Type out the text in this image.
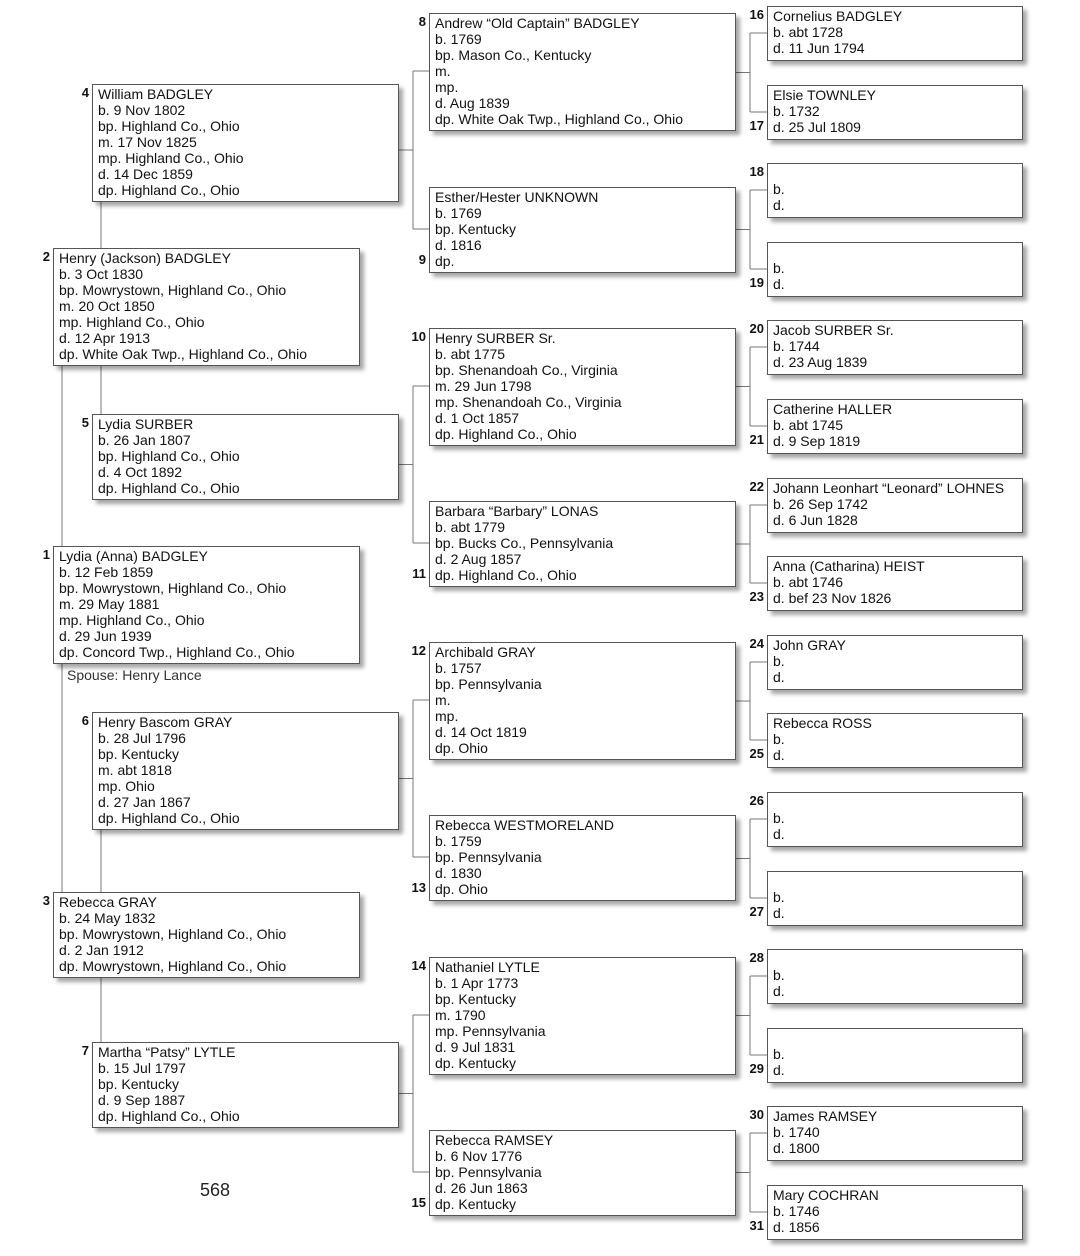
Lydia (Anna) BADGLEY
b. 12 Feb 1859
bp. Mowrystown, Highland Co., Ohio
m. 29 May 1881
mp. Highland Co., Ohio
d. 29 Jun 1939
dp. Concord Twp., Highland Co., Ohio
1
Henry (Jackson) BADGLEY
b. 3 Oct 1830
bp. Mowrystown, Highland Co., Ohio
m. 20 Oct 1850
mp. Highland Co., Ohio
d. 12 Apr 1913
dp. White Oak Twp., Highland Co., Ohio
2
Rebecca GRAY
b. 24 May 1832
bp. Mowrystown, Highland Co., Ohio
d. 2 Jan 1912
dp. Mowrystown, Highland Co., Ohio
3
William BADGLEY
b. 9 Nov 1802
bp. Highland Co., Ohio
m. 17 Nov 1825
mp. Highland Co., Ohio
d. 14 Dec 1859
dp. Highland Co., Ohio
4
Lydia SURBER
b. 26 Jan 1807
bp. Highland Co., Ohio
d. 4 Oct 1892
dp. Highland Co., Ohio
5
Henry Bascom GRAY
b. 28 Jul 1796
bp. Kentucky
m. abt 1818
mp. Ohio
d. 27 Jan 1867
dp. Highland Co., Ohio
6
Martha “Patsy” LYTLE
b. 15 Jul 1797
bp. Kentucky
d. 9 Sep 1887
dp. Highland Co., Ohio
7
Andrew “Old Captain” BADGLEY
b. 1769
bp. Mason Co., Kentucky
m.
mp.
d. Aug 1839
dp. White Oak Twp., Highland Co., Ohio
8
Esther/Hester UNKNOWN
b. 1769
bp. Kentucky
d. 1816
dp.
9
Henry SURBER Sr.
b. abt 1775
bp. Shenandoah Co., Virginia
m. 29 Jun 1798
mp. Shenandoah Co., Virginia
d. 1 Oct 1857
dp. Highland Co., Ohio
10
Barbara “Barbary” LONAS
b. abt 1779
bp. Bucks Co., Pennsylvania
d. 2 Aug 1857
dp. Highland Co., Ohio
11
Archibald GRAY
b. 1757
bp. Pennsylvania
m.
mp.
d. 14 Oct 1819
dp. Ohio
12
Rebecca WESTMORELAND
b. 1759
bp. Pennsylvania
d. 1830
dp. Ohio
13
Nathaniel LYTLE
b. 1 Apr 1773
bp. Kentucky
m. 1790
mp. Pennsylvania
d. 9 Jul 1831
dp. Kentucky
14
Rebecca RAMSEY
b. 6 Nov 1776
bp. Pennsylvania
d. 26 Jun 1863
dp. Kentucky
15
Cornelius BADGLEY
b. abt 1728
d. 11 Jun 1794
16
Elsie TOWNLEY
b. 1732
d. 25 Jul 1809
17
b.
d.
18
b.
d.
19
Jacob SURBER Sr.
b. 1744
d. 23 Aug 1839
20
Catherine HALLER
b. abt 1745
d. 9 Sep 1819
21
Johann Leonhart “Leonard” LOHNES
b. 26 Sep 1742
d. 6 Jun 1828
22
Anna (Catharina) HEIST
b. abt 1746
d. bef 23 Nov 1826
23
John GRAY
b.
d.
24
Rebecca ROSS
b.
d.
25
b.
d.
26
b.
d.
27
b.
d.
28
b.
d.
29
James RAMSEY
b. 1740
d. 1800
30
Mary COCHRAN
b. 1746
d. 1856
31
Spouse: Henry Lance
568
